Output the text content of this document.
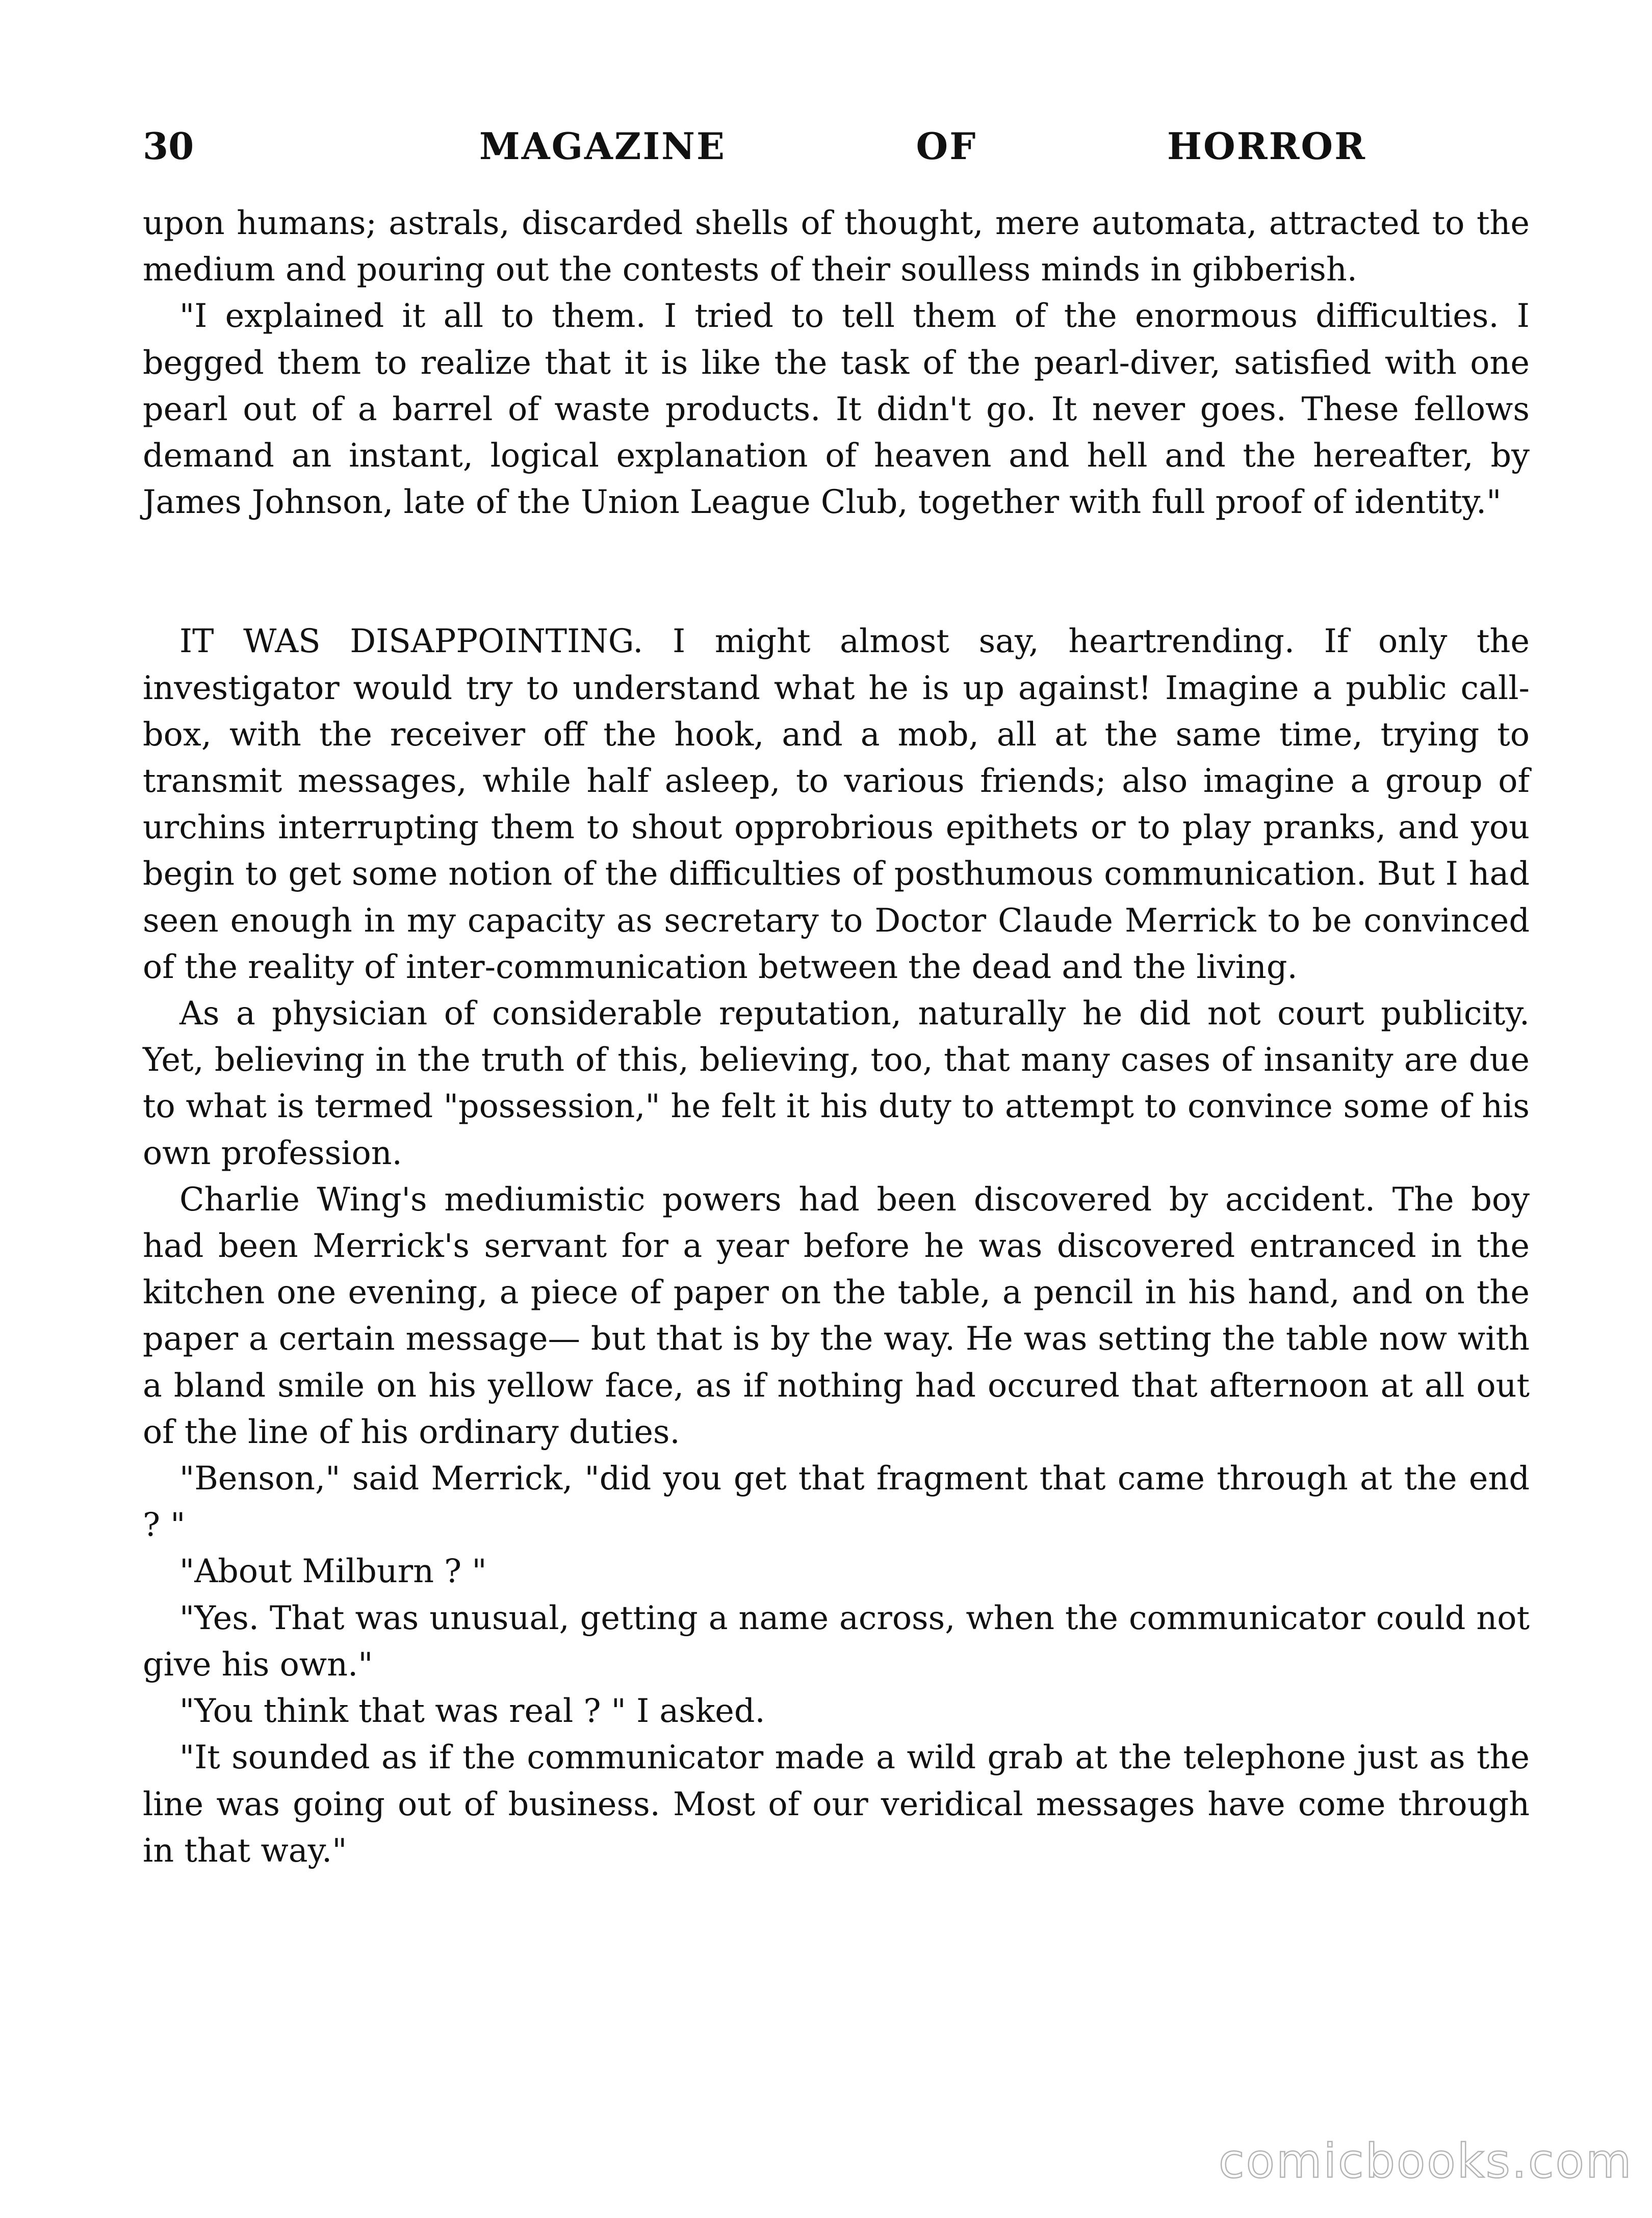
30	MAGAZINE	OF	HORROR

upon humans; astrals, discarded shells of thought, mere automata, attracted to the medium and pouring out the contests of their soulless minds in gibberish.

"I explained it all to them. I tried to tell them of the enormous difficulties. I begged them to realize that it is like the task of the pearl-diver, satisfied with one pearl out of a barrel of waste products. It didn't go. It never goes. These fellows demand an instant, logical explanation of heaven and hell and the hereafter, by James Johnson, late of the Union League Club, together with full proof of identity."

IT WAS DISAPPOINTING. I might almost say, heartrending. If only the investigator would try to understand what he is up against! Imagine a public call-box, with the receiver off the hook, and a mob, all at the same time, trying to transmit messages, while half asleep, to various friends; also imagine a group of urchins interrupting them to shout opprobrious epithets or to play pranks, and you begin to get some notion of the difficulties of posthumous communication. But I had seen enough in my capacity as secretary to Doctor Claude Merrick to be convinced of the reality of inter-communication between the dead and the living.

As a physician of considerable reputation, naturally he did not court publicity. Yet, believing in the truth of this, believing, too, that many cases of insanity are due to what is termed "possession," he felt it his duty to attempt to convince some of his own profession.

Charlie Wing's mediumistic powers had been discovered by accident. The boy had been Merrick's servant for a year before he was discovered entranced in the kitchen one evening, a piece of paper on the table, a pencil in his hand, and on the paper a certain message— but that is by the way. He was setting the table now with a bland smile on his yellow face, as if nothing had occured that afternoon at all out of the line of his ordinary duties.

"Benson," said Merrick, "did you get that fragment that came through at the end ? "

"About Milburn ? "

"Yes. That was unusual, getting a name across, when the communicator could not give his own."

"You think that was real ? " I asked.

"It sounded as if the communicator made a wild grab at the telephone just as the line was going out of business. Most of our veridical messages have come through in that way."

comicbooks.com
